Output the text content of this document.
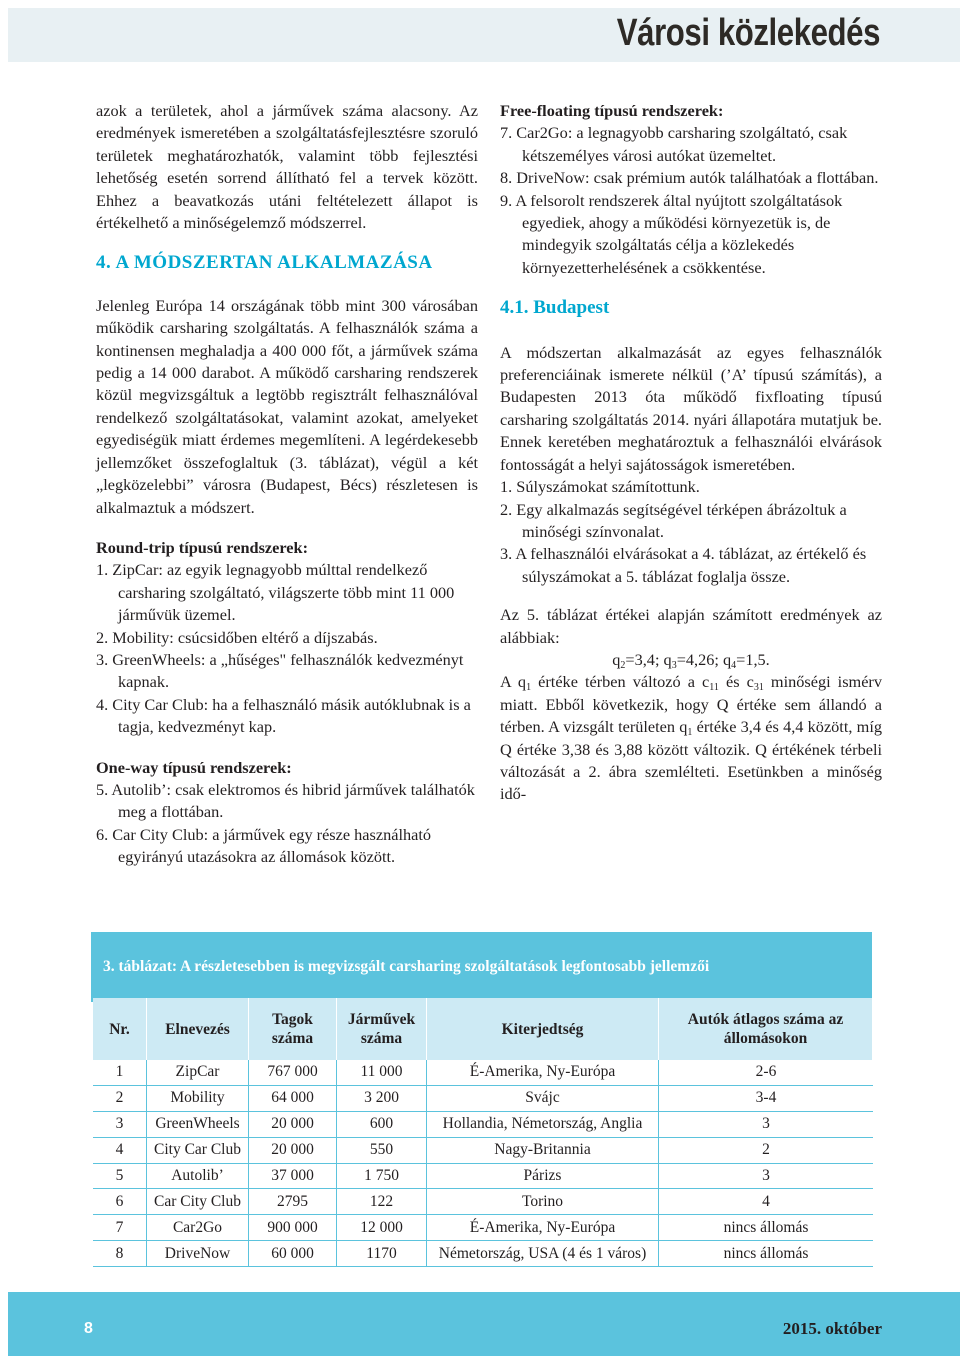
Városi közlekedés

azok a területek, ahol a járművek száma alacsony. Az eredmények ismeretében a szolgáltatásfejlesztésre szoruló területek meghatározhatók, valamint több fejlesztési lehetőség esetén sorrend állítható fel a tervek között. Ehhez a beavatkozás utáni feltételezett állapot is értékelhető a minőségelemző módszerrel.

4. A MÓDSZERTAN ALKALMAZÁSA

Jelenleg Európa 14 országának több mint 300 városában működik carsharing szolgáltatás. A felhasználók száma a kontinensen meghaladja a 400 000 főt, a járművek száma pedig a 14 000 darabot. A működő carsharing rendszerek közül megvizsgáltuk a legtöbb regisztrált felhasználóval rendelkező szolgáltatásokat, valamint azokat, amelyeket egyediségük miatt érdemes megemlíteni. A legérdekesebb jellemzőket összefoglaltuk (3. táblázat), végül a két „legközelebbi” városra (Budapest, Bécs) részletesen is alkalmaztuk a módszert.

Round-trip típusú rendszerek:
1. ZipCar: az egyik legnagyobb múlttal rendelkező carsharing szolgáltató, világszerte több mint 11 000 járművük üzemel.
2. Mobility: csúcsidőben eltérő a díjszabás.
3. GreenWheels: a „hűséges" felhasználók kedvezményt kapnak.
4. City Car Club: ha a felhasználó másik autóklubnak is a tagja, kedvezményt kap.
One-way típusú rendszerek:
5. Autolib’: csak elektromos és hibrid járművek találhatók meg a flottában.
6. Car City Club: a járművek egy része használható egyirányú utazásokra az állomások között.
Free-floating típusú rendszerek:
7. Car2Go: a legnagyobb carsharing szolgáltató, csak kétszemélyes városi autókat üzemeltet.
8. DriveNow: csak prémium autók találhatóak a flottában.
9. A felsorolt rendszerek által nyújtott szolgáltatások egyediek, ahogy a működési környezetük is, de mindegyik szolgáltatás célja a közlekedés környezetterhelésének a csökkentése.
4.1. Budapest

A módszertan alkalmazását az egyes felhasználók preferenciáinak ismerete nélkül (’A’ típusú számítás), a Budapesten 2013 óta működő fixfloating típusú carsharing szolgáltatás 2014. nyári állapotára mutatjuk be. Ennek keretében meghatároztuk a felhasználói elvárások fontosságát a helyi sajátosságok ismeretében.

1. Súlyszámokat számítottunk.
2. Egy alkalmazás segítségével térképen ábrázoltuk a minőségi színvonalat.
3. A felhasználói elvárásokat a 4. táblázat, az értékelő és súlyszámokat a 5. táblázat foglalja össze.

Az 5. táblázat értékei alapján számított eredmények az alábbiak:

$q_2=3,4$; $q_3=4,26$; $q_4=1,5$.

A $q_1$ értéke térben változó a $c_{11}$ és $c_{31}$ minőségi ismérv miatt. Ebből következik, hogy Q értéke sem állandó a térben. A vizsgált területen $q_1$ értéke 3,4 és 4,4 között, míg Q értéke 3,38 és 3,88 között változik. Q értékének térbeli változását a 2. ábra szemlélteti. Esetünkben a minőség idő-

3. táblázat: A részletesebben is megvizsgált carsharing szolgáltatások legfontosabb jellemzői
Nr.	Elnevezés	Tagok száma	Járművek száma	Kiterjedtség	Autók átlagos száma az állomásokon
1	ZipCar	767 000	11 000	É-Amerika, Ny-Európa	2-6
2	Mobility	64 000	3 200	Svájc	3-4
3	GreenWheels	20 000	600	Hollandia, Németország, Anglia	3
4	City Car Club	20 000	550	Nagy-Britannia	2
5	Autolib’	37 000	1 750	Párizs	3
6	Car City Club	2795	122	Torino	4
7	Car2Go	900 000	12 000	É-Amerika, Ny-Európa	nincs állomás
8	DriveNow	60 000	1170	Németország, USA (4 és 1 város)	nincs állomás
8	2015. október
